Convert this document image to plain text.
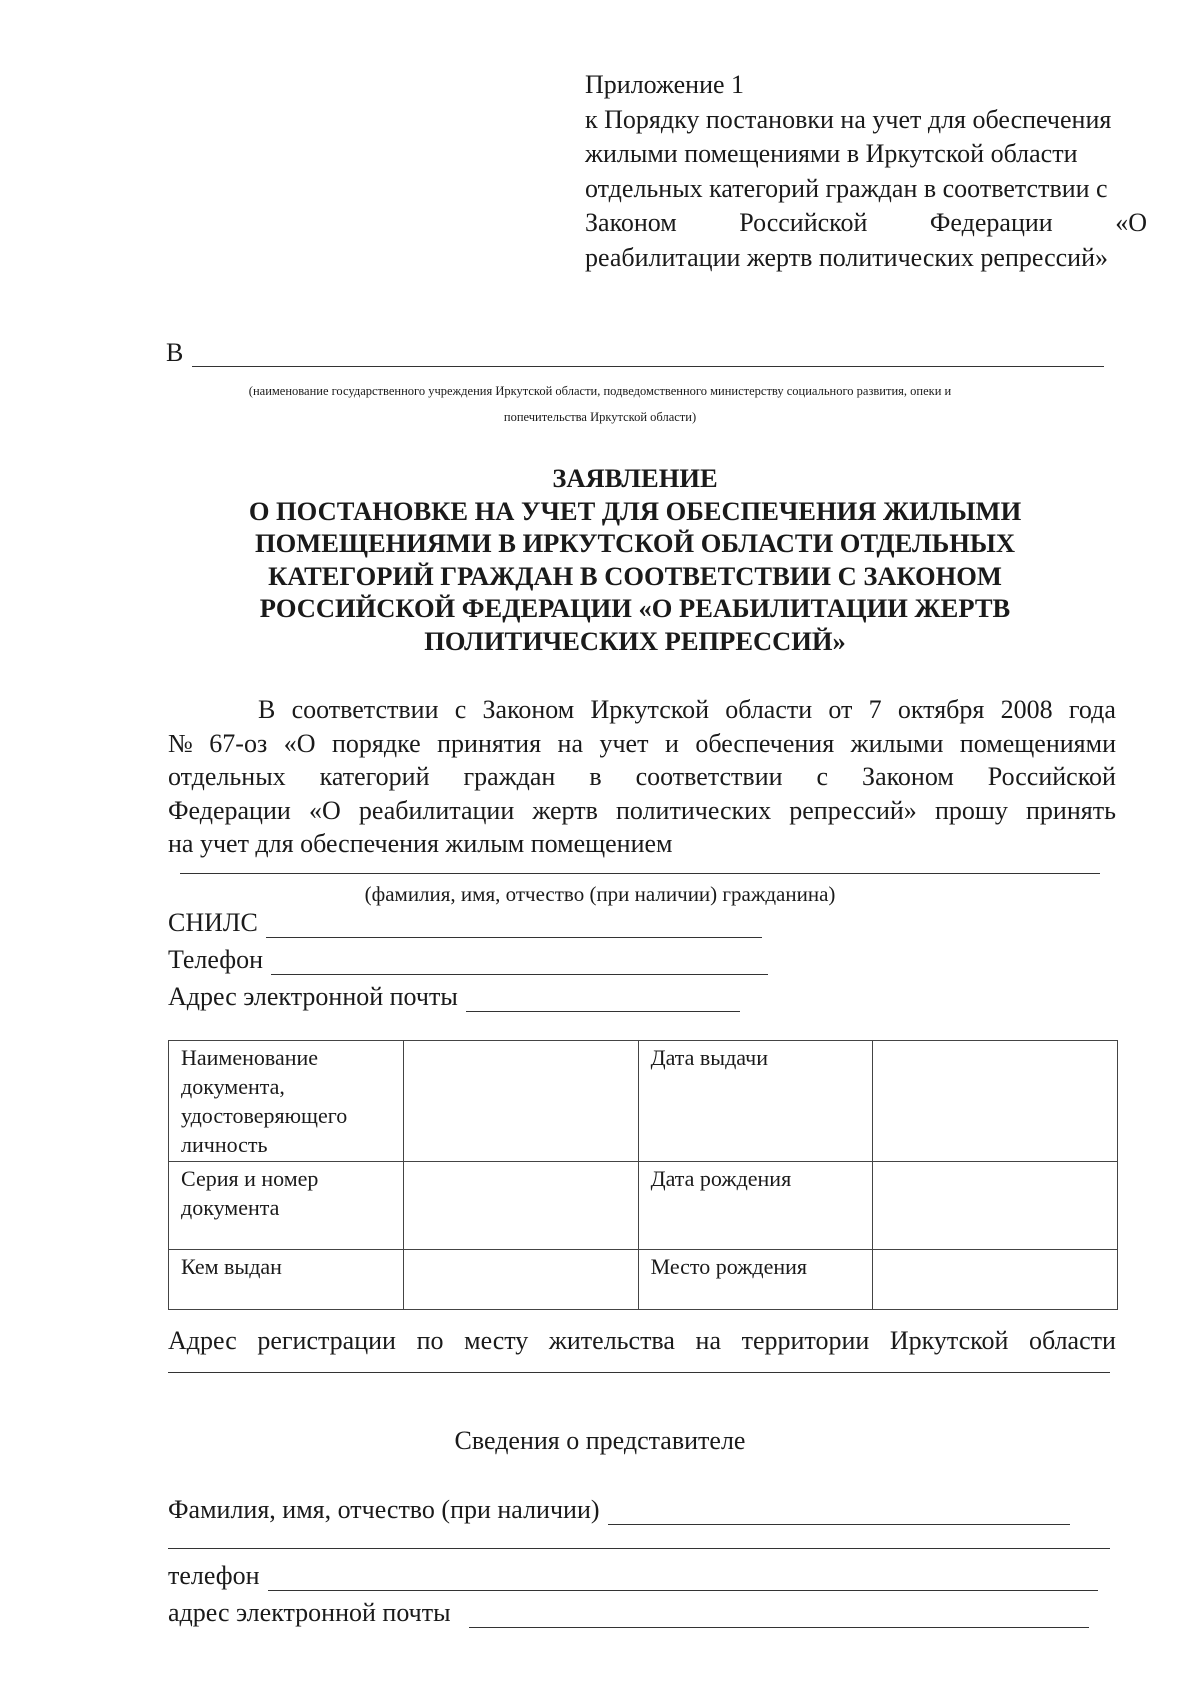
Приложение 1
к Порядку постановки на учет для обеспечения
жилыми помещениями в Иркутской области
отдельных категорий граждан в соответствии с
Законом Российской Федерации «О
реабилитации жертв политических репрессий»
В
(наименование государственного учреждения Иркутской области, подведомственного министерству социального развития, опеки и
попечительства Иркутской области)
ЗАЯВЛЕНИЕ
О ПОСТАНОВКЕ НА УЧЕТ ДЛЯ ОБЕСПЕЧЕНИЯ ЖИЛЫМИ
ПОМЕЩЕНИЯМИ В ИРКУТСКОЙ ОБЛАСТИ ОТДЕЛЬНЫХ
КАТЕГОРИЙ ГРАЖДАН В СООТВЕТСТВИИ С ЗАКОНОМ
РОССИЙСКОЙ ФЕДЕРАЦИИ «О РЕАБИЛИТАЦИИ ЖЕРТВ
ПОЛИТИЧЕСКИХ РЕПРЕССИЙ»
В соответствии с Законом Иркутской области от 7 октября 2008 года
№ 67-оз «О порядке принятия на учет и обеспечения жилыми помещениями
отдельных категорий граждан в соответствии с Законом Российской
Федерации «О реабилитации жертв политических репрессий» прошу принять
на учет для обеспечения жилым помещением
(фамилия, имя, отчество (при наличии) гражданина)
СНИЛС
Телефон
Адрес электронной почты
Наименование документа, удостоверяющего личность		Дата выдачи	
Серия и номер документа		Дата рождения	
Кем выдан		Место рождения	
Адрес регистрации по месту жительства на территории Иркутской области
Сведения о представителе
Фамилия, имя, отчество (при наличии)
телефон
адрес электронной почты
